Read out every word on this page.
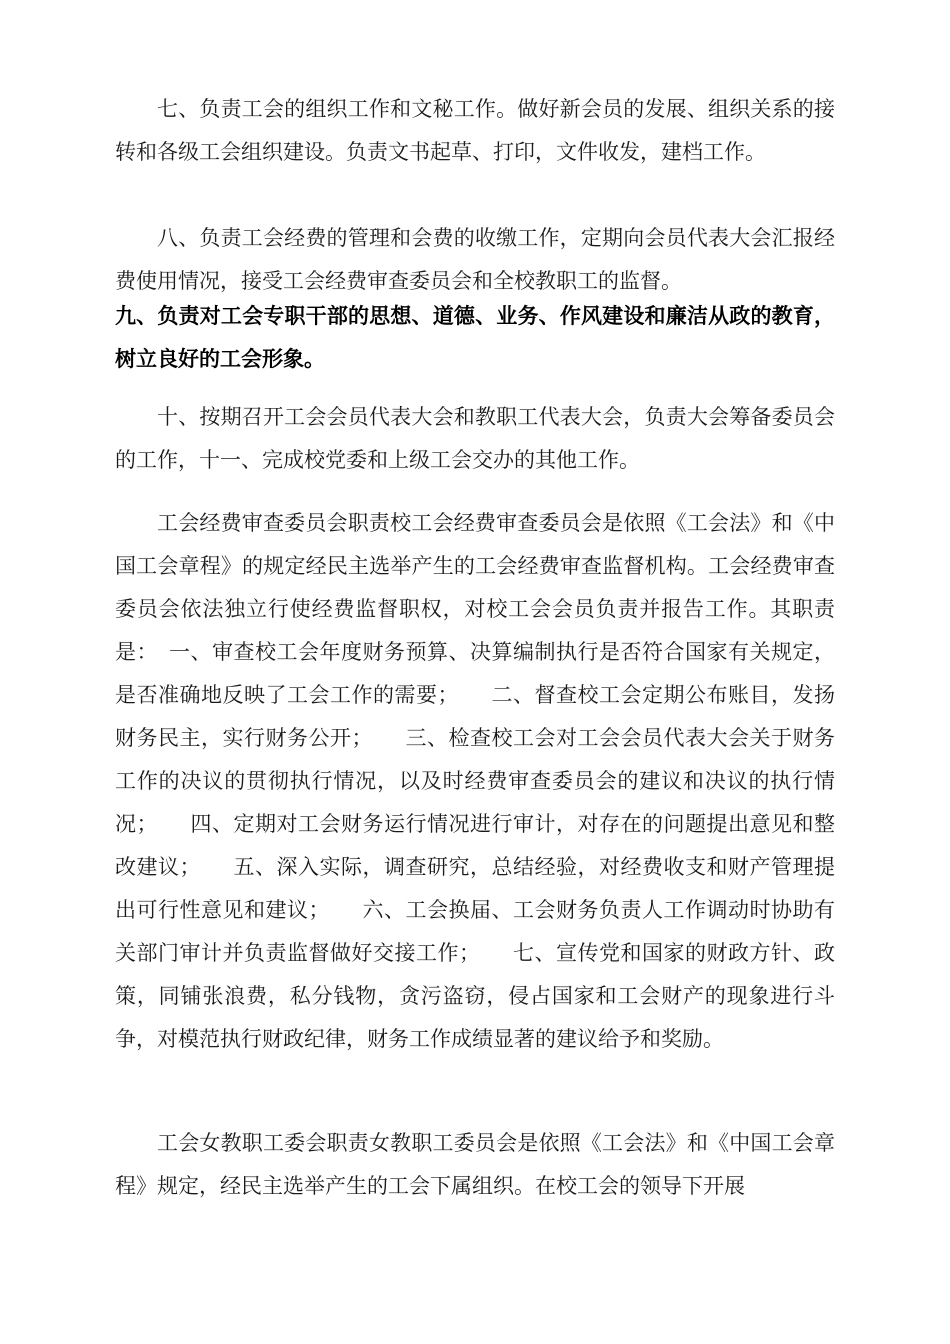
七、负责工会的组织工作和文秘工作。做好新会员的发展、组织关系的接转和各级工会组织建设。负责文书起草、打印，文件收发，建档工作。

八、负责工会经费的管理和会费的收缴工作，定期向会员代表大会汇报经费使用情况，接受工会经费审查委员会和全校教职工的监督。

九、负责对工会专职干部的思想、道德、业务、作风建设和廉洁从政的教育，树立良好的工会形象。

十、按期召开工会会员代表大会和教职工代表大会，负责大会筹备委员会的工作，十一、完成校党委和上级工会交办的其他工作。

工会经费审查委员会职责校工会经费审查委员会是依照《工会法》和《中国工会章程》的规定经民主选举产生的工会经费审查监督机构。工会经费审查委员会依法独立行使经费监督职权，对校工会会员负责并报告工作。其职责是：　一、审查校工会年度财务预算、决算编制执行是否符合国家有关规定，是否准确地反映了工会工作的需要；　　二、督查校工会定期公布账目，发扬财务民主，实行财务公开；　　三、检查校工会对工会会员代表大会关于财务工作的决议的贯彻执行情况，以及时经费审查委员会的建议和决议的执行情况；　　四、定期对工会财务运行情况进行审计，对存在的问题提出意见和整改建议；　　五、深入实际，调查研究，总结经验，对经费收支和财产管理提出可行性意见和建议；　　六、工会换届、工会财务负责人工作调动时协助有关部门审计并负责监督做好交接工作；　　七、宣传党和国家的财政方针、政策，同铺张浪费，私分钱物，贪污盗窃，侵占国家和工会财产的现象进行斗争，对模范执行财政纪律，财务工作成绩显著的建议给予和奖励。

工会女教职工委会职责女教职工委员会是依照《工会法》和《中国工会章程》规定，经民主选举产生的工会下属组织。在校工会的领导下开展
